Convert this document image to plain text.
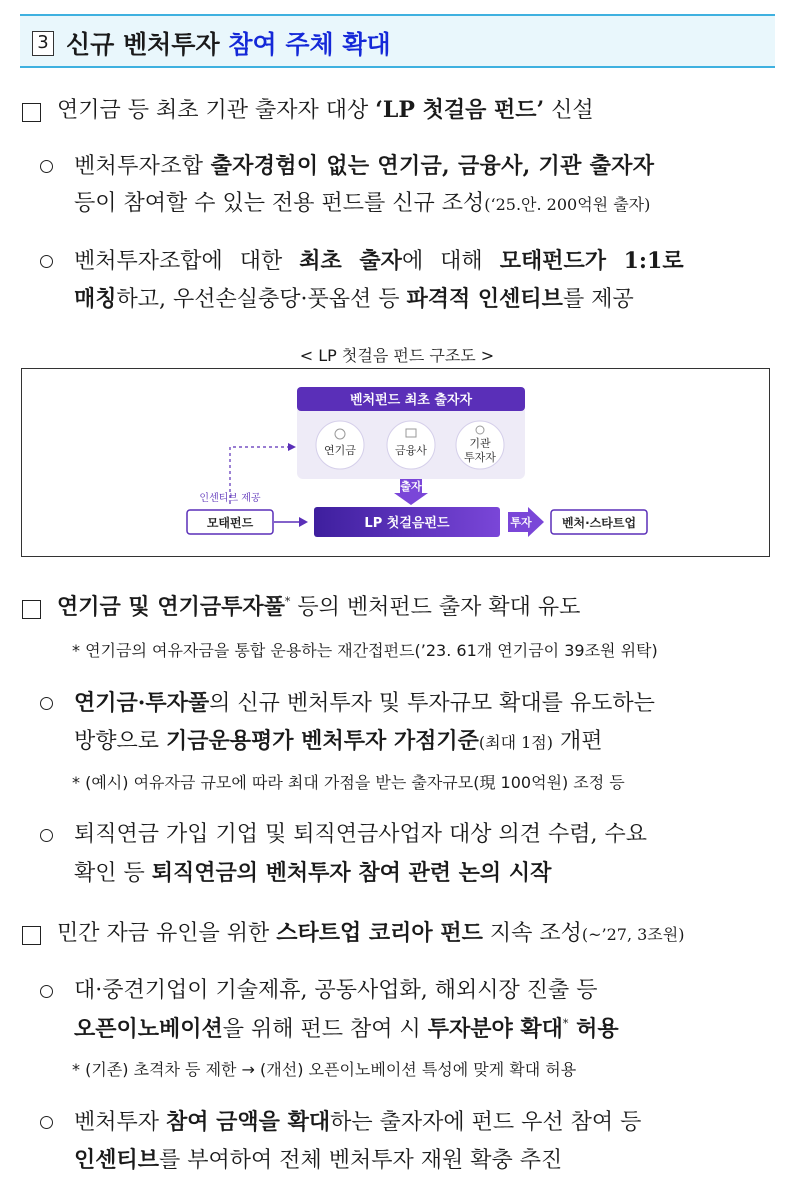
3 신규 벤처투자 참여 주체 확대
연기금 등 최초 기관 출자자 대상 ‘LP 첫걸음 펀드’ 신설
벤처투자조합 출자경험이 없는 연기금, 금융사, 기관 출자자
등이 참여할 수 있는 전용 펀드를 신규 조성(‘25.안. 200억원 출자)
벤처투자조합에 대한 최초 출자에 대해 모태펀드가 1:1로
매칭하고, 우선손실충당·풋옵션 등 파격적 인센티브를 제공
< LP 첫걸음 펀드 구조도 >
벤처펀드 최초 출자자
연기금	금융사
기관
투자자
인센티브 제공
모태펀드
출자
LP 첫걸음펀드	투자	벤처·스타트업
연기금 및 연기금투자풀* 등의 벤처펀드 출자 확대 유도
* 연기금의 여유자금을 통합 운용하는 재간접펀드(’23. 61개 연기금이 39조원 위탁)
연기금·투자풀의 신규 벤처투자 및 투자규모 확대를 유도하는
방향으로 기금운용평가 벤처투자 가점기준(최대 1점) 개편
* (예시) 여유자금 규모에 따라 최대 가점을 받는 출자규모(現 100억원) 조정 등
퇴직연금 가입 기업 및 퇴직연금사업자 대상 의견 수렴, 수요
확인 등 퇴직연금의 벤처투자 참여 관련 논의 시작
민간 자금 유인을 위한 스타트업 코리아 펀드 지속 조성(~’27, 3조원)
대·중견기업이 기술제휴, 공동사업화, 해외시장 진출 등
오픈이노베이션을 위해 펀드 참여 시 투자분야 확대* 허용
* (기존) 초격차 등 제한 → (개선) 오픈이노베이션 특성에 맞게 확대 허용
벤처투자 참여 금액을 확대하는 출자자에 펀드 우선 참여 등
인센티브를 부여하여 전체 벤처투자 재원 확충 추진
